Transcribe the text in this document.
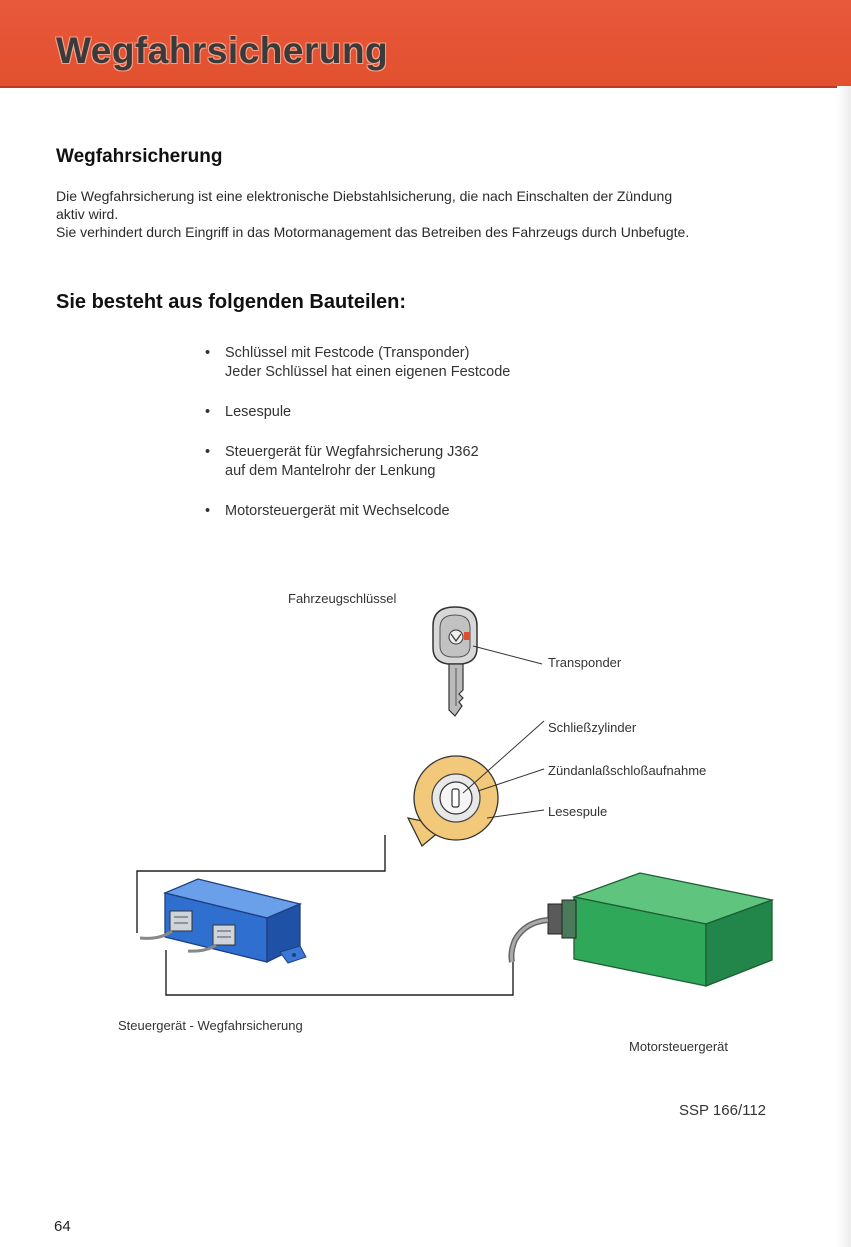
Wegfahrsicherung
Wegfahrsicherung

Die Wegfahrsicherung ist eine elektronische Diebstahlsicherung, die nach Einschalten der Zündung

aktiv wird.

Sie verhindert durch Eingriff in das Motormanagement das Betreiben des Fahrzeugs durch Unbefugte.

Sie besteht aus folgenden Bauteilen:
• Schlüssel mit Festcode (Transponder)
Jeder Schlüssel hat einen eigenen Festcode
• Lesespule
• Steuergerät für Wegfahrsicherung J362
auf dem Mantelrohr der Lenkung
• Motorsteuergerät mit Wechselcode
Fahrzeugschlüssel
Transponder
Schließzylinder
Zündanlaßschloßaufnahme
Lesespule
Steuergerät - Wegfahrsicherung
Motorsteuergerät
SSP 166/112
64
